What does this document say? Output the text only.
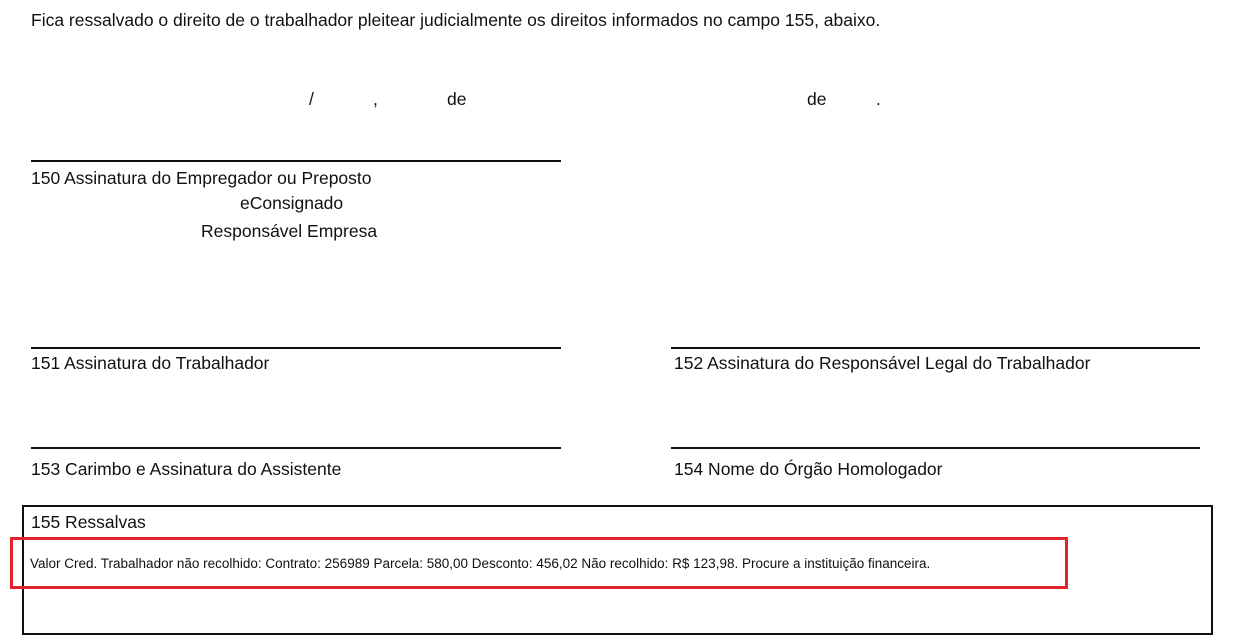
Fica ressalvado o direito de o trabalhador pleitear judicialmente os direitos informados no campo 155, abaixo.
/	,	de	de	.
150 Assinatura do Empregador ou Preposto
eConsignado
Responsável Empresa
151 Assinatura do Trabalhador	152 Assinatura do Responsável Legal do Trabalhador
153 Carimbo e Assinatura do Assistente	154 Nome do Órgão Homologador
155 Ressalvas
Valor Cred. Trabalhador não recolhido: Contrato: 256989 Parcela: 580,00 Desconto: 456,02 Não recolhido: R$ 123,98. Procure a instituição financeira.
